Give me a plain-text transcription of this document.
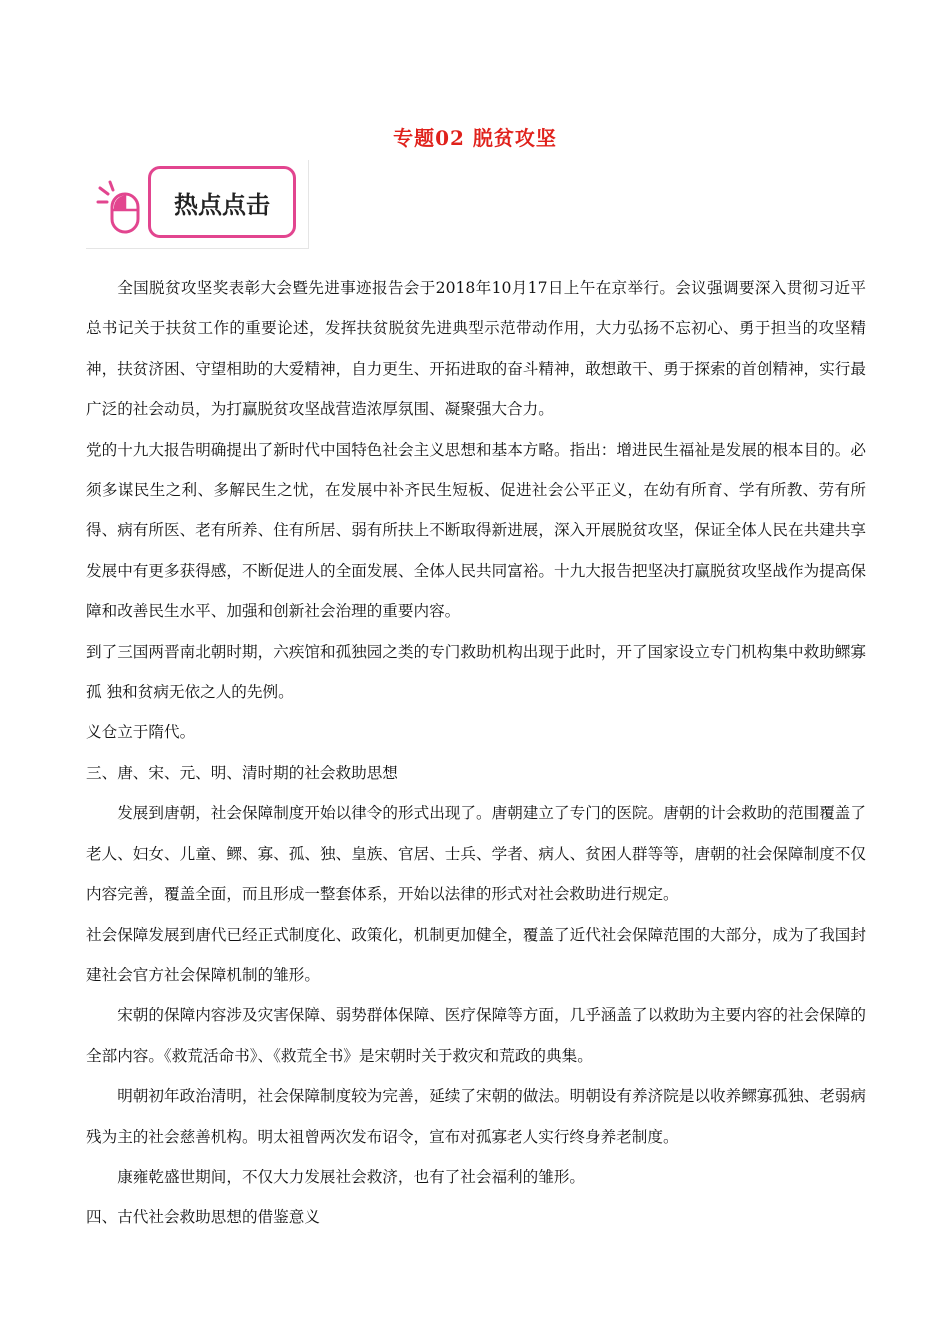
专题02 脱贫攻坚
热点点击

全国脱贫攻坚奖表彰大会暨先进事迹报告会于2018年10月17日上午在京举行。会议强调要深入贯彻习近平总书记关于扶贫工作的重要论述，发挥扶贫脱贫先进典型示范带动作用，大力弘扬不忘初心、勇于担当的攻坚精神，扶贫济困、守望相助的大爱精神，自力更生、开拓进取的奋斗精神，敢想敢干、勇于探索的首创精神，实行最广泛的社会动员，为打赢脱贫攻坚战营造浓厚氛围、凝聚强大合力。

党的十九大报告明确提出了新时代中国特色社会主义思想和基本方略。指出：增进民生福祉是发展的根本目的。必须多谋民生之利、多解民生之忧，在发展中补齐民生短板、促进社会公平正义，在幼有所育、学有所教、劳有所得、病有所医、老有所养、住有所居、弱有所扶上不断取得新进展，深入开展脱贫攻坚，保证全体人民在共建共享发展中有更多获得感，不断促进人的全面发展、全体人民共同富裕。十九大报告把坚决打赢脱贫攻坚战作为提高保障和改善民生水平、加强和创新社会治理的重要内容。

到了三国两晋南北朝时期，六疾馆和孤独园之类的专门救助机构出现于此时，开了国家设立专门机构集中救助鳏寡孤 独和贫病无依之人的先例。

义仓立于隋代。

三、唐、宋、元、明、清时期的社会救助思想

发展到唐朝，社会保障制度开始以律令的形式出现了。唐朝建立了专门的医院。唐朝的计会救助的范围覆盖了老人、妇女、儿童、鳏、寡、孤、独、皇族、官居、士兵、学者、病人、贫困人群等等，唐朝的社会保障制度不仅内容完善，覆盖全面，而且形成一整套体系，开始以法律的形式对社会救助进行规定。

社会保障发展到唐代已经正式制度化、政策化，机制更加健全，覆盖了近代社会保障范围的大部分，成为了我国封建社会官方社会保障机制的雏形。

宋朝的保障内容涉及灾害保障、弱势群体保障、医疗保障等方面，几乎涵盖了以救助为主要内容的社会保障的全部内容。《救荒活命书》、《救荒全书》是宋朝时关于救灾和荒政的典集。

明朝初年政治清明，社会保障制度较为完善，延续了宋朝的做法。明朝设有养济院是以收养鳏寡孤独、老弱病残为主的社会慈善机构。明太祖曾两次发布诏令，宣布对孤寡老人实行终身养老制度。

康雍乾盛世期间，不仅大力发展社会救济，也有了社会福利的雏形。

四、古代社会救助思想的借鉴意义
